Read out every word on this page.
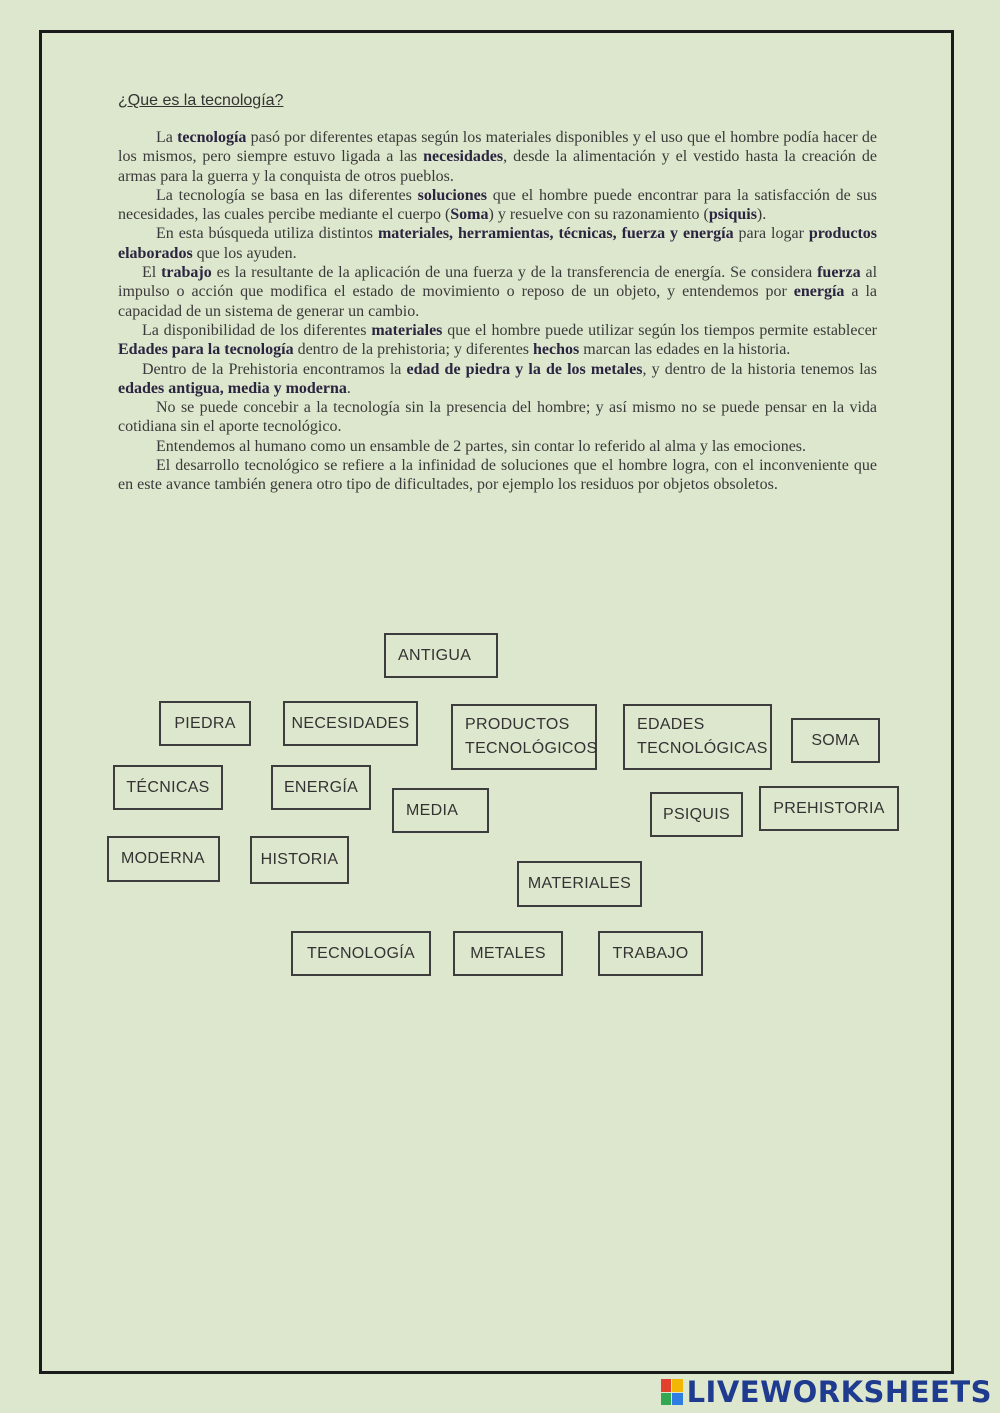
¿Que es la tecnología?

La tecnología pasó por diferentes etapas según los materiales disponibles y el uso que el hombre podía hacer de los mismos, pero siempre estuvo ligada a las necesidades, desde la alimentación y el vestido hasta la creación de armas para la guerra y la conquista de otros pueblos.

La tecnología se basa en las diferentes soluciones que el hombre puede encontrar para la satisfacción de sus necesidades, las cuales percibe mediante el cuerpo (Soma) y resuelve con su razonamiento (psiquis).

En esta búsqueda utiliza distintos materiales, herramientas, técnicas, fuerza y energía para logar productos elaborados que los ayuden.

El trabajo es la resultante de la aplicación de una fuerza y de la transferencia de energía. Se considera fuerza al impulso o acción que modifica el estado de movimiento o reposo de un objeto, y entendemos por energía a la capacidad de un sistema de generar un cambio.

La disponibilidad de los diferentes materiales que el hombre puede utilizar según los tiempos permite establecer Edades para la tecnología dentro de la prehistoria; y diferentes hechos marcan las edades en la historia.

Dentro de la Prehistoria encontramos la edad de piedra y la de los metales, y dentro de la historia tenemos las edades antigua, media y moderna.

No se puede concebir a la tecnología sin la presencia del hombre; y así mismo no se puede pensar en la vida cotidiana sin el aporte tecnológico.

Entendemos al humano como un ensamble de 2 partes, sin contar lo referido al alma y las emociones.

El desarrollo tecnológico se refiere a la infinidad de soluciones que el hombre logra, con el inconveniente que en este avance también genera otro tipo de dificultades, por ejemplo los residuos por objetos obsoletos.

ANTIGUA
PIEDRA	NECESIDADES	PRODUCTOS
TECNOLÓGICOS
EDADES
TECNOLÓGICAS	SOMA
TÉCNICAS	ENERGÍA
MEDIA	PSIQUIS	PREHISTORIA
MODERNA	HISTORIA
MATERIALES
TECNOLOGÍA	METALES	TRABAJO
LIVEWORKSHEETS
